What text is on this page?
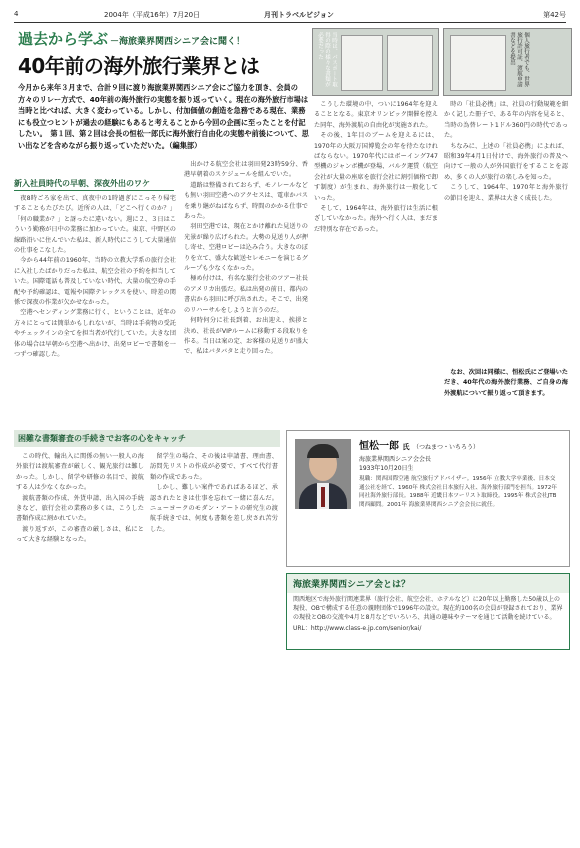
4	2004年（平成16年）7月20日	月刊トラベルビジョン	第42号
過去から学ぶ －海旅業界関西シニア会に聞く！
40年前の海外旅行業界とは
今月から来年３月まで、合計９回に渡り海旅業界関西シニア会にご協力を頂き、会員の方々のリレー方式で、40年前の海外旅行の実態を振り返っていく。現在の海外旅行市場は当時と比べれば、大きく変わっている。しかし、付加価値の創造を急務である現在、業務にも役立つヒントが過去の経験にもあると考えることから今回の企画に至ったことを付記したい。　第１回、第２回は会長の恒松一郎氏に海外旅行自由化の実態や前後について、思い出などを含めながら振り返っていただいた。（編集部）
当時は、パスポート取得の際の様々な書類が必要だった	個人旅行者でも、世界旅行許可証、渡航申請書などを提出
新入社員時代の早朝、深夜外出のワケ

夜8時ごろ家を出て、真夜中の1時過ぎにこっそり帰宅することもたびたび。近所の人は、「どこへ行くのか？」「何の職業か？」と訝ったに違いない。週に２、３日はこういう勤務が日中の業務に加わっていた。東京、中野区の線路沿いに住んでいた私は、新人時代にこうして大量通信の仕事をこなした。

今から44年前の1960年、当時の立教大学系の旅行会社に入社したばかりだった私は、航空会社の予約を担当していた。国際電話も普及していない時代、大量の航空券の手配や予約確認は、電報や国際テレックスを使い、時差の関係で深夜の作業が欠かせなかった。

空港へセンディング業務に行く、ということは、近年の方々にとっては簡単かもしれないが、当時は手荷物の受託やチェックインの全てを担当者が代行していた。大きな団体の場合は早朝から空港へ出かけ、出発ロビーで書類を一つずつ確認した。

出かける航空会社は羽田発23時59分、香港早朝着のスケジュールを組んでいた。

道路は整備されておらず、モノレールなども無い羽田空港へのアクセスは、電車かバスを乗り継がねばならず、時間のかかる仕事であった。

羽田空港では、現在とかけ離れた見送りの光景が繰り広げられた。大勢の見送り人が押し寄せ、空港ロビーは込み合う。大きなのぼりを立て、盛大な歓送セレモニーを演じるグループも少なくなかった。

極め付けは、有名な旅行会社のツアー社長のアメリカ出張だ。私は出発の前日、都内の書店から羽田に呼び出された。そこで、出発のリハーサルをしようと言うのだ。

何時何分に社長到着、お出迎え、挨拶と決め、社長がVIPルームに移動する段取りを作る。当日は案の定、お客様の見送りが盛大で、私はバタバタと走り回った。

こうした環境の中、ついに1964年を迎えることとなる。東京オリンピック開催を控えた同年、海外渡航の自由化が実施された。

その後、1年目のブームを迎えるには、1970年の大阪万国博覧会の年を待たなければならない。1970年代にはボーイング747型機のジャンボ機が登場、バルク運賃（航空会社が大量の座席を旅行会社に割引価格で卸す制度）が生まれ、海外旅行は一般化していった。

そして、1964年は、海外旅行は生活に根ざしていなかった。海外へ行く人は、まだまだ特別な存在であった。

時の「社員必携」は、社員の行動規範を細かく記した冊子で、ある年の内容を見ると、当時の為替レート1ドル360円の時代であった。

ちなみに、上述の「社員必携」によれば、昭和39年4月1日付けで、海外旅行の普及へ向けて一般の人が外国旅行をすることを認め、多くの人が旅行の楽しみを知った。

こうして、1964年、1970年と海外旅行の節目を迎え、業界は大きく成長した。

なお、次回は同様に、恒松氏にご登場いただき、40年代の海外旅行業務、ご自身の海外渡航について振り返って頂きます。

困難な書類審査の手続きでお客の心をキャッチ

この時代、輸出入に関係の無い一般人の海外旅行は渡航審査が厳しく、観光旅行は難しかった。しかし、留学や研修の名目で、渡航する人は少なくなかった。

渡航書類の作成、外貨申請、出入国の手続きなど、旅行会社の業務の多くは、こうした書類作成に割かれていた。

渡り返すが、この審査の厳しさは、私にとって大きな経験となった。

留学生の場合、その後は申請書、理由書、訪問先リストの作成が必要で、すべて代行書類の作成であった。

しかし、難しい案件であればあるほど、承認されたときは仕事を忘れて一緒に喜んだ。ニューヨークのモダン・アートの研究生の渡航手続きでは、何度も書類を差し戻され苦労した。

恒松一郎 氏 （つねまつ・いちろう）
海旅業界関西シニア会会長
1933年10月20日生
現職：関西国際空港 航空旅行アドバイザー。1956年 立教大学卒業後、日本交通公社を経て、1960年 株式会社日本旅行入社、海外旅行部門を担当。1972年 同社海外旅行部長。1988年 近畿日本ツーリスト取締役。1995年 株式会社JTB関西顧問。2001年 海旅業界関西シニア会会長に就任。
海旅業界関西シニア会とは？
関西地区で海外旅行関連業界（旅行会社、航空会社、ホテルなど）に20年以上勤務した50歳以上の現役、OBで構成する任意の親睦団体で1996年の設立。現在約100名の会員が登録されており、業界の現役とOBの交流や4月と8月などでいろいろ、共通の趣味やテーマを通じて活動を続けている。
URL：http://www.class-e.jp.com/senior/kai/
